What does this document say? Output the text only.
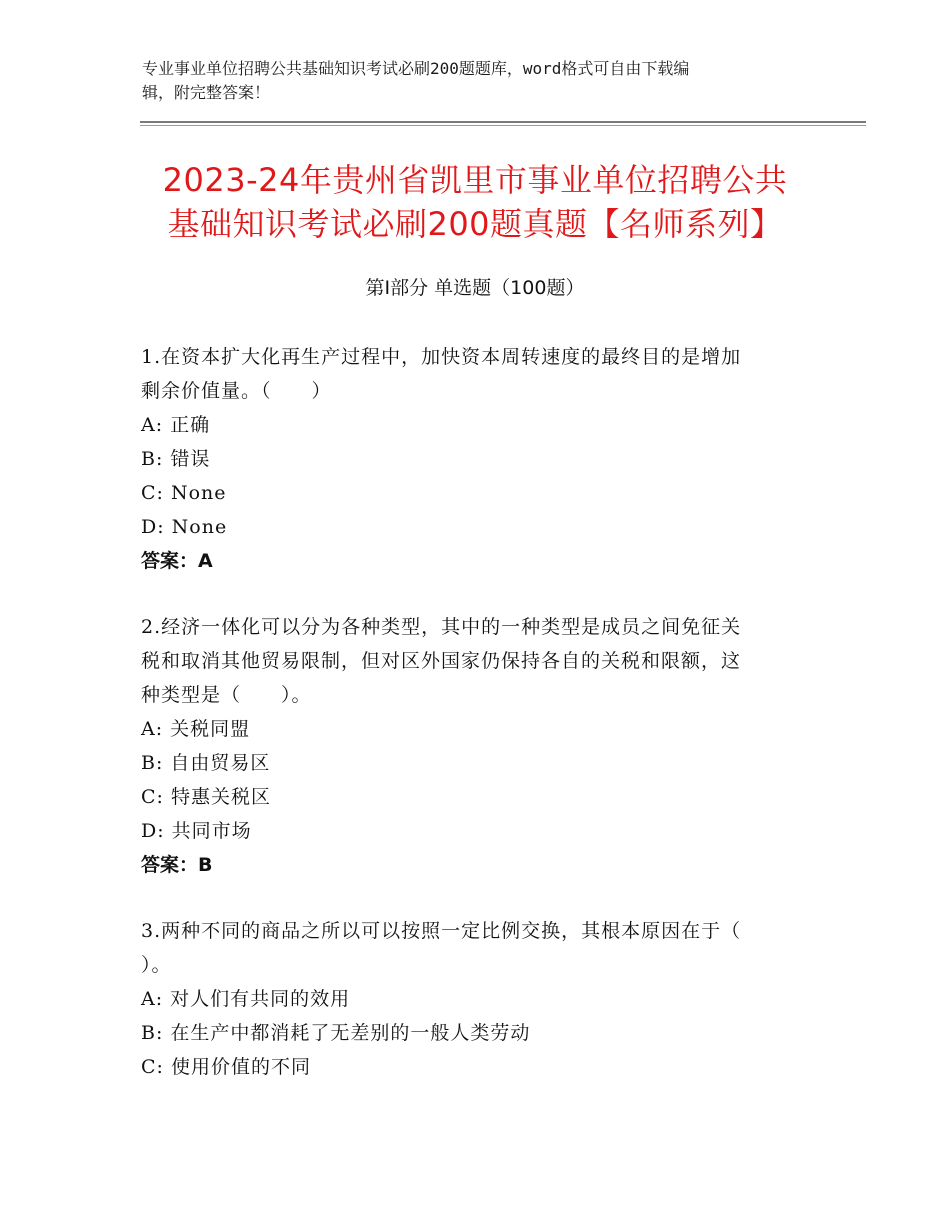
专业事业单位招聘公共基础知识考试必刷200题题库，word格式可自由下载编
辑，附完整答案！
2023-24年贵州省凯里市事业单位招聘公共
基础知识考试必刷200题真题【名师系列】
第Ⅰ部分 单选题（100题）

1.在资本扩大化再生产过程中，加快资本周转速度的最终目的是增加

剩余价值量。（　　）

A: 正确

B: 错误

C: None

D: None

答案：A

2.经济一体化可以分为各种类型，其中的一种类型是成员之间免征关

税和取消其他贸易限制，但对区外国家仍保持各自的关税和限额，这

种类型是（　　）。

A: 关税同盟

B: 自由贸易区

C: 特惠关税区

D: 共同市场

答案：B

3.两种不同的商品之所以可以按照一定比例交换，其根本原因在于（

）。

A: 对人们有共同的效用

B: 在生产中都消耗了无差别的一般人类劳动

C: 使用价值的不同
